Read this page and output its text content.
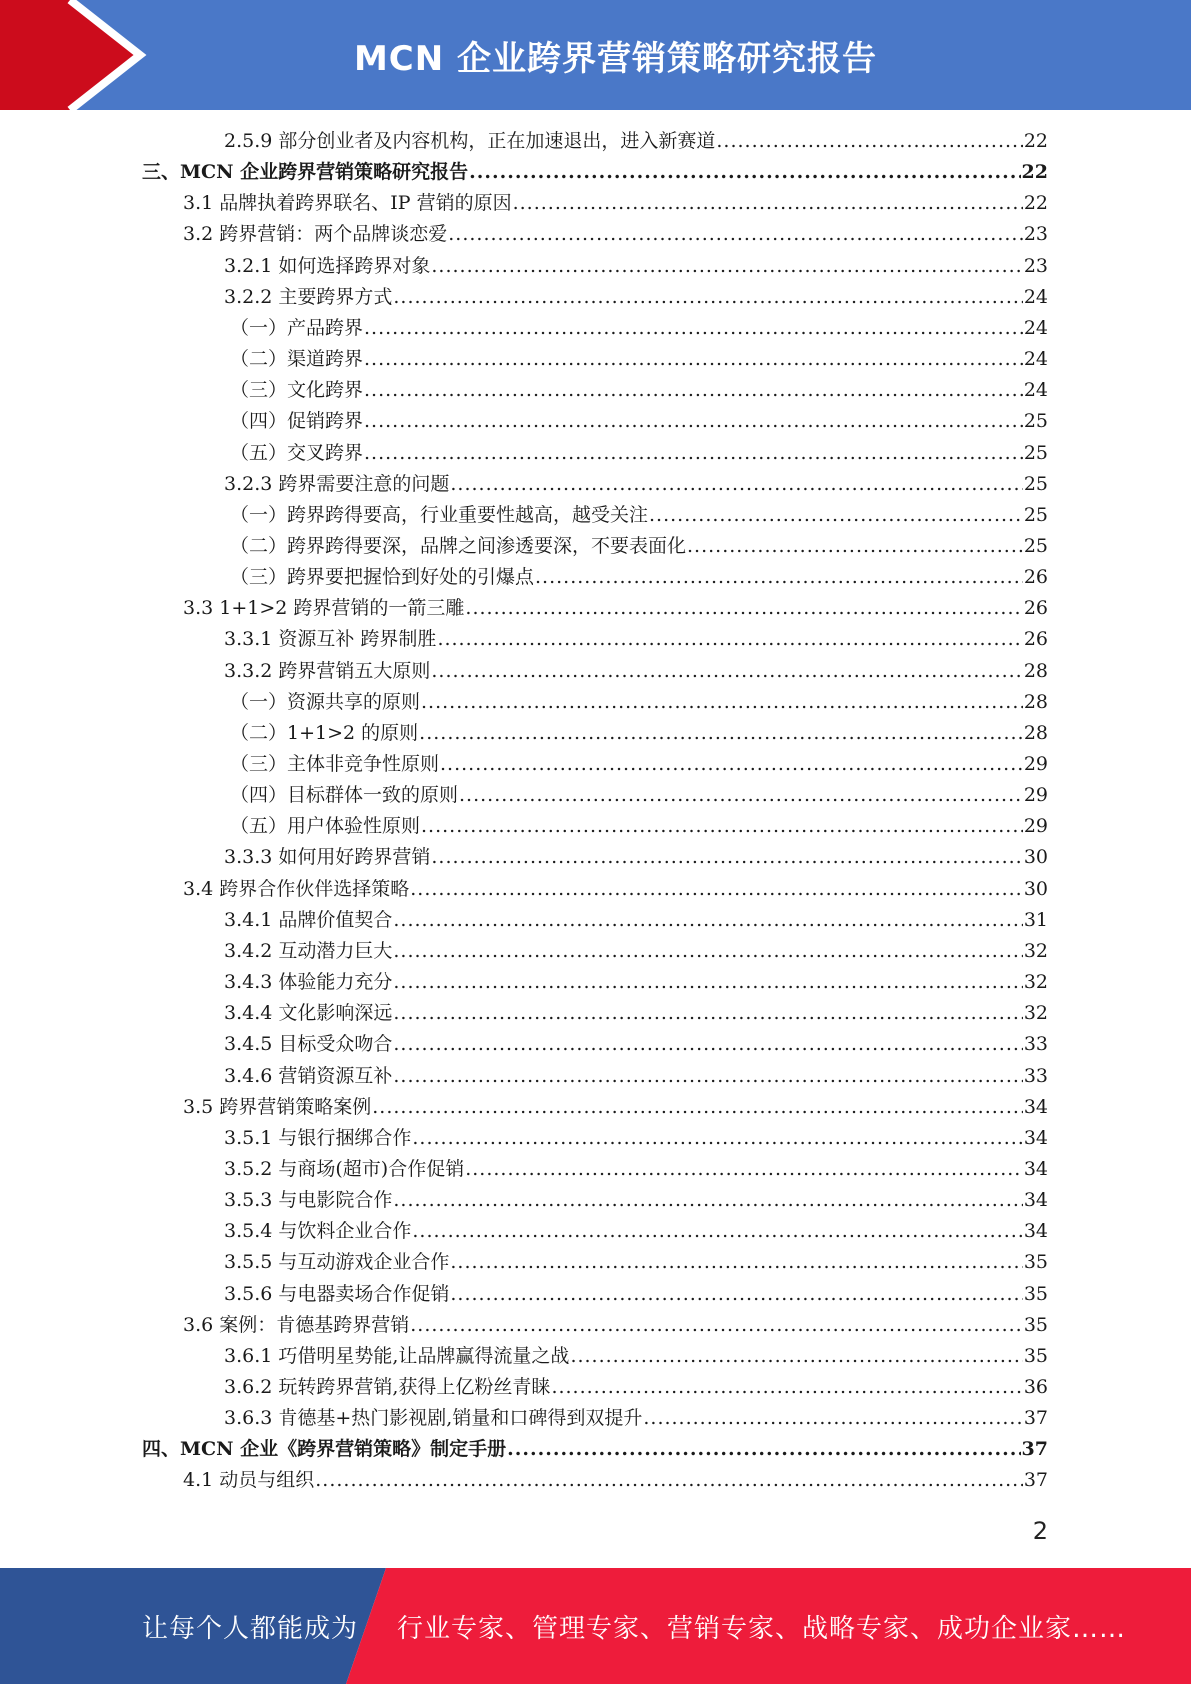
MCN 企业跨界营销策略研究报告
2.5.9 部分创业者及内容机构，正在加速退出，进入新赛道 .....	22
三、MCN 企业跨界营销策略研究报告 .....	22
3.1 品牌执着跨界联名、IP 营销的原因 .....	22
3.2 跨界营销：两个品牌谈恋爱 .....	23
3.2.1 如何选择跨界对象 .....	23
3.2.2 主要跨界方式 .....	24
（一）产品跨界 .....	24
（二）渠道跨界 .....	24
（三）文化跨界 .....	24
（四）促销跨界 .....	25
（五）交叉跨界 .....	25
3.2.3 跨界需要注意的问题 .....	25
（一）跨界跨得要高，行业重要性越高，越受关注 .....	25
（二）跨界跨得要深，品牌之间渗透要深，不要表面化 .....	25
（三）跨界要把握恰到好处的引爆点 .....	26
3.3 1+1>2 跨界营销的一箭三雕 .....	26
3.3.1 资源互补 跨界制胜 .....	26
3.3.2 跨界营销五大原则 .....	28
（一）资源共享的原则 .....	28
（二）1+1>2 的原则 .....	28
（三）主体非竞争性原则 .....	29
（四）目标群体一致的原则 .....	29
（五）用户体验性原则 .....	29
3.3.3 如何用好跨界营销 .....	30
3.4 跨界合作伙伴选择策略 .....	30
3.4.1 品牌价值契合 .....	31
3.4.2 互动潜力巨大 .....	32
3.4.3 体验能力充分 .....	32
3.4.4 文化影响深远 .....	32
3.4.5 目标受众吻合 .....	33
3.4.6 营销资源互补 .....	33
3.5 跨界营销策略案例 .....	34
3.5.1 与银行捆绑合作 .....	34
3.5.2 与商场(超市)合作促销 .....	34
3.5.3 与电影院合作 .....	34
3.5.4 与饮料企业合作 .....	34
3.5.5 与互动游戏企业合作 .....	35
3.5.6 与电器卖场合作促销 .....	35
3.6 案例：肯德基跨界营销 .....	35
3.6.1 巧借明星势能,让品牌赢得流量之战 .....	35
3.6.2 玩转跨界营销,获得上亿粉丝青睐 .....	36
3.6.3 肯德基+热门影视剧,销量和口碑得到双提升 .....	37
四、MCN 企业《跨界营销策略》制定手册 .....	37
4.1 动员与组织 .....	37
2
让每个人都能成为 行业专家、管理专家、营销专家、战略专家、成功企业家……
